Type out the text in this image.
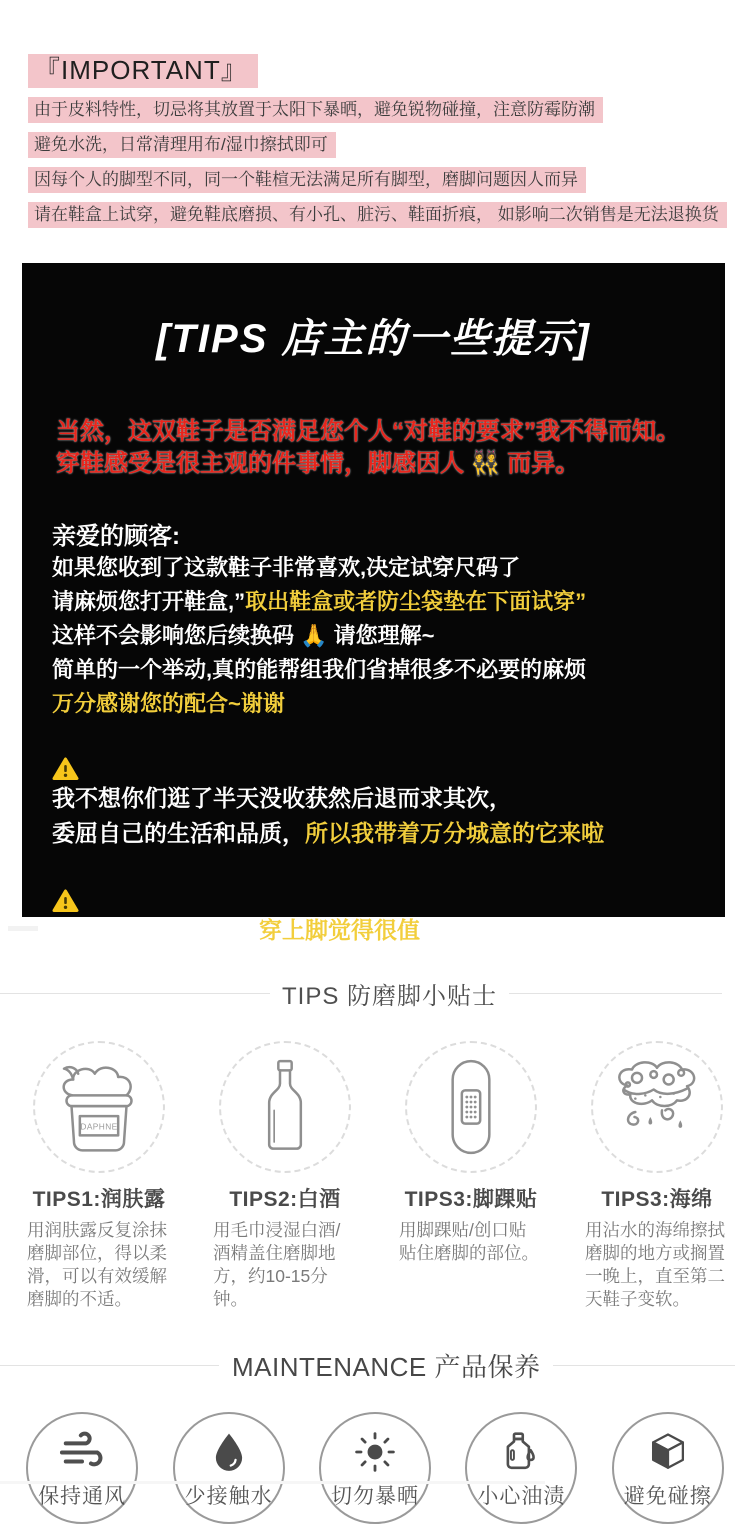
『IMPORTANT』
由于皮料特性，切忌将其放置于太阳下暴晒，避免锐物碰撞，注意防霉防潮
避免水洗，日常清理用布/湿巾擦拭即可
因每个人的脚型不同，同一个鞋楦无法满足所有脚型，磨脚问题因人而异
请在鞋盒上试穿，避免鞋底磨损、有小孔、脏污、鞋面折痕， 如影响二次销售是无法退换货
[TIPS 店主的一些提示]

当然，这双鞋子是否满足您个人“对鞋的要求”我不得而知。
穿鞋感受是很主观的件事情，脚感因人 👯 而异。

亲爱的顾客:

如果您收到了这款鞋子非常喜欢,决定试穿尺码了

请麻烦您打开鞋盒,”取出鞋盒或者防尘袋垫在下面试穿”

这样不会影响您后续换码 🙏 请您理解~

简单的一个举动,真的能帮组我们省掉很多不必要的麻烦

万分感谢您的配合~谢谢

我不想你们逛了半天没收获然后退而求其次，
委屈自己的生活和品质，所以我带着万分城意的它来啦

让你买到这双鞋子，穿上脚觉得很值，这就是我的使命，

TIPS 防磨脚小贴士
DAPHNE
TIPS1:润肤露
用润肤露反复涂抹磨脚部位，得以柔滑，可以有效缓解磨脚的不适。
TIPS2:白酒
用毛巾浸湿白酒/酒精盖住磨脚地方，约10-15分钟。
TIPS3:脚踝贴
用脚踝贴/创口贴贴住磨脚的部位。
TIPS3:海绵
用沾水的海绵擦拭磨脚的地方或搁置一晚上，直至第二天鞋子变软。
MAINTENANCE 产品保养
保持通风	少接触水	切勿暴晒	小心油渍	避免碰擦
